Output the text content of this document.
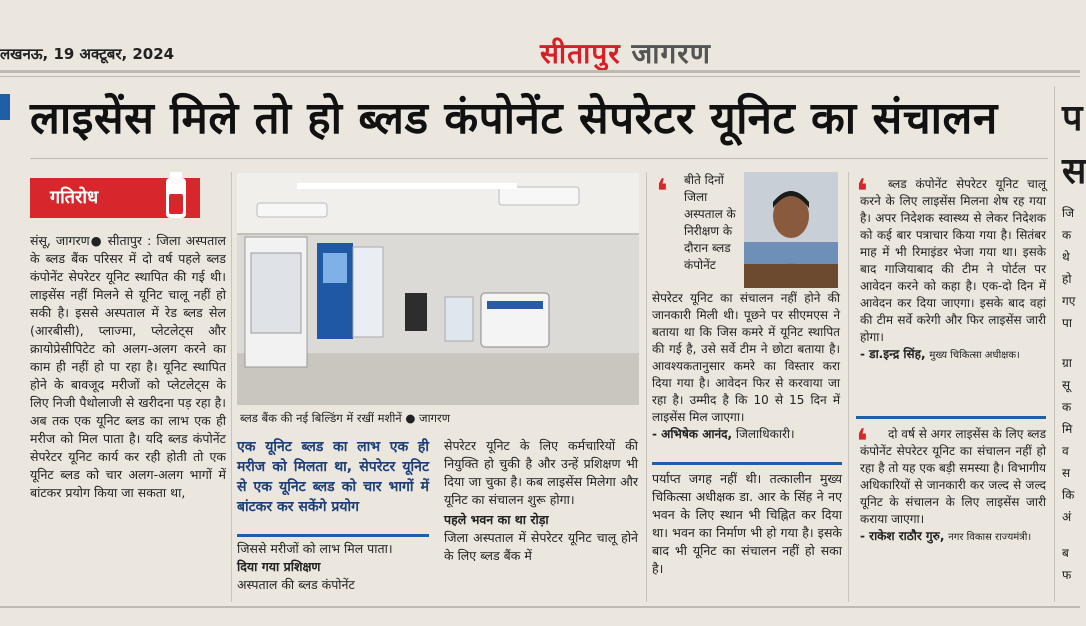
लखनऊ, 19 अक्टूबर, 2024	सीतापुर जागरण
लाइसेंस मिले तो हो ब्लड कंपोनेंट सेपरेटर यूनिट का संचालन
गतिरोध
संसू, जागरण● सीतापुर : जिला अस्पताल के ब्लड बैंक परिसर में दो वर्ष पहले ब्लड कंपोनेंट सेपरेटर यूनिट स्थापित की गई थी। लाइसेंस नहीं मिलने से यूनिट चालू नहीं हो सकी है। इससे अस्पताल में रेड ब्लड सेल (आरबीसी), प्लाज्मा, प्लेटलेट्स और क्रायोप्रेसीपिटेट को अलग-अलग करने का काम ही नहीं हो पा रहा है। यूनिट स्थापित होने के बावजूद मरीजों को प्लेटलेट्स के लिए निजी पैथोलाजी से खरीदना पड़ रहा है। अब तक एक यूनिट ब्लड का लाभ एक ही मरीज को मिल पाता है। यदि ब्लड कंपोनेंट सेपरेटर यूनिट कार्य कर रही होती तो एक यूनिट ब्लड को चार अलग-अलग भागों में बांटकर प्रयोग किया जा सकता था,
ब्लड बैंक की नई बिल्डिंग में रखीं मशीनें ● जागरण
एक यूनिट ब्लड का लाभ एक ही मरीज को मिलता था, सेपरेटर यूनिट से एक यूनिट ब्लड को चार भागों में बांटकर कर सकेंगे प्रयोग
जिससे मरीजों को लाभ मिल पाता।
दिया गया प्रशिक्षण
अस्पताल की ब्लड कंपोनेंट
सेपरेटर यूनिट के लिए कर्मचारियों की नियुक्ति हो चुकी है और उन्हें प्रशिक्षण भी दिया जा चुका है। कब लाइसेंस मिलेगा और यूनिट का संचालन शुरू होगा।
पहले भवन का था रोड़ा
जिला अस्पताल में सेपरेटर यूनिट चालू होने के लिए ब्लड बैंक में
❛ बीते दिनों जिला अस्पताल के निरीक्षण के दौरान ब्लड कंपोनेंट
सेपरेटर यूनिट का संचालन नहीं होने की जानकारी मिली थी। पूछने पर सीएमएस ने बताया था कि जिस कमरे में यूनिट स्थापित की गई है, उसे सर्वे टीम ने छोटा बताया है। आवश्यकतानुसार कमरे का विस्तार करा दिया गया है। आवेदन फिर से करवाया जा रहा है। उम्मीद है कि 10 से 15 दिन में लाइसेंस मिल जाएगा।
- अभिषेक आनंद, जिलाधिकारी।
पर्याप्त जगह नहीं थी। तत्कालीन मुख्य चिकित्सा अधीक्षक डा. आर के सिंह ने नए भवन के लिए स्थान भी चिह्नित कर दिया था। भवन का निर्माण भी हो गया है। इसके बाद भी यूनिट का संचालन नहीं हो सका है।
❛	ब्लड कंपोनेंट सेपरेटर यूनिट चालू करने के लिए लाइसेंस मिलना शेष रह गया है। अपर निदेशक स्वास्थ्य से लेकर निदेशक को कई बार पत्राचार किया गया है। सितंबर माह में भी रिमाइंडर भेजा गया था। इसके बाद गाजियाबाद की टीम ने पोर्टल पर आवेदन करने को कहा है। एक-दो दिन में आवेदन कर दिया जाएगा। इसके बाद वहां की टीम सर्वे करेगी और फिर लाइसेंस जारी होगा।
- डा.इन्द्र सिंह, मुख्य चिकित्सा अधीक्षक।
❛	दो वर्ष से अगर लाइसेंस के लिए ब्लड कंपोनेंट सेपरेटर यूनिट का संचालन नहीं हो रहा है तो यह एक बड़ी समस्या है। विभागीय अधिकारियों से जानकारी कर जल्द से जल्द यूनिट के संचालन के लिए लाइसेंस जारी कराया जाएगा।
- राकेश राठौर गुरु, नगर विकास राज्यमंत्री।
प
स
जि
क
थे
हो
गए
पा
ग्रा
सू
क
मि
व
स
कि
अं
ब
फ
